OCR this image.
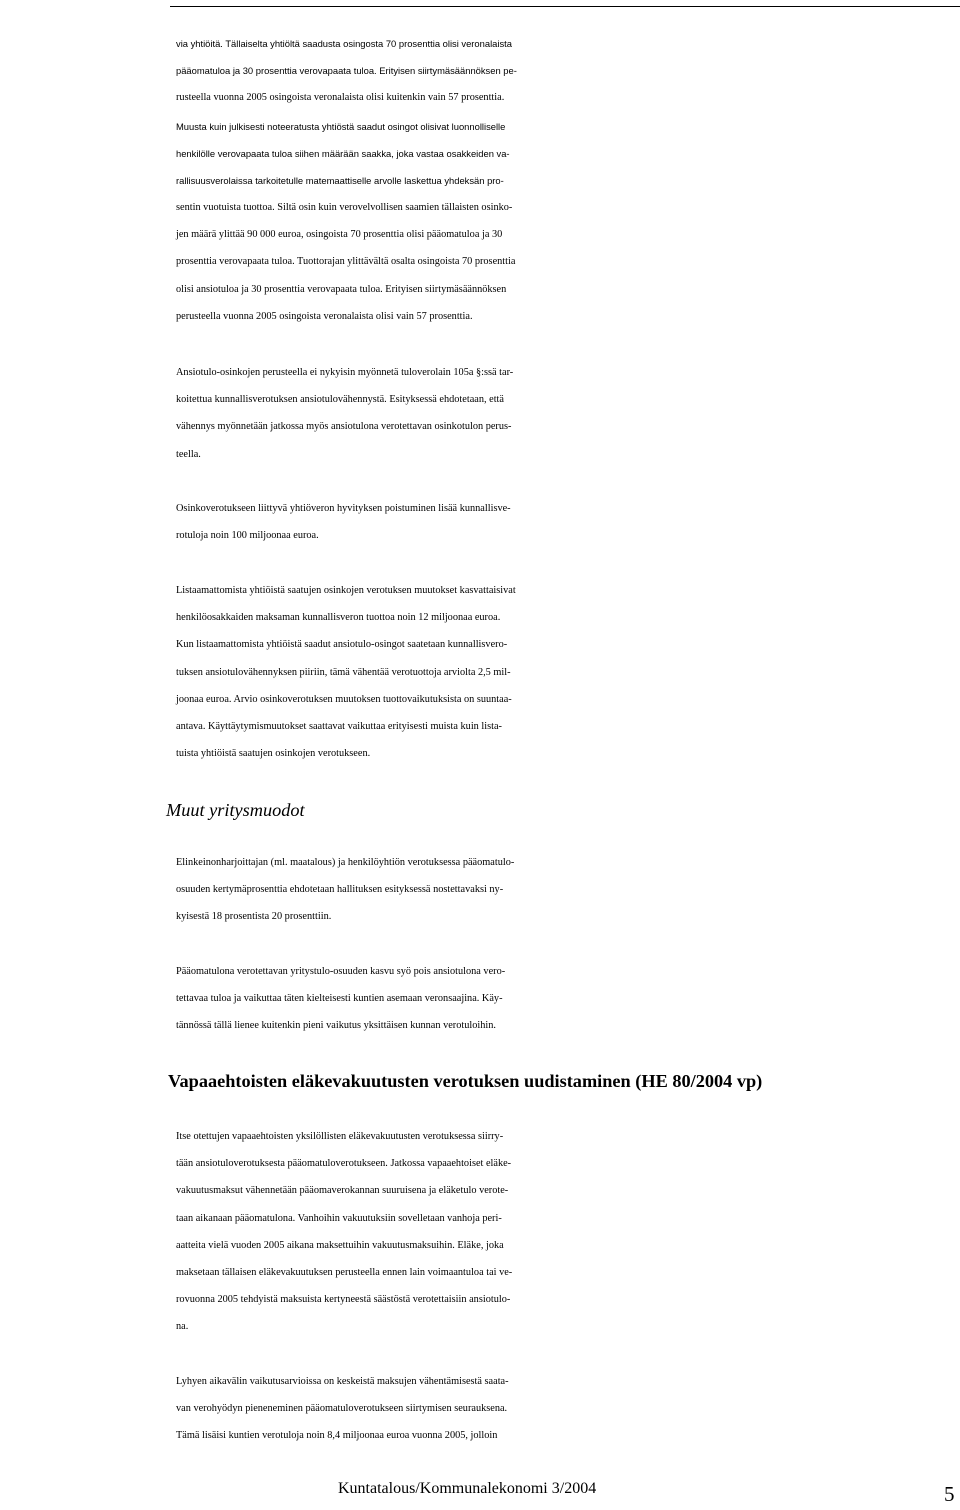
via yhtiöitä. Tällaiselta yhtiöltä saadusta osingosta 70 prosenttia olisi veronalaista
pääomatuloa ja 30 prosenttia verovapaata tuloa. Erityisen siirtymäsäännöksen pe-
rusteella vuonna 2005 osingoista veronalaista olisi kuitenkin vain 57 prosenttia.
Muusta kuin julkisesti noteeratusta yhtiöstä saadut osingot olisivat luonnolliselle
henkilölle verovapaata tuloa siihen määrään saakka, joka vastaa osakkeiden va-
rallisuusverolaissa tarkoitetulle matemaattiselle arvolle laskettua yhdeksän pro-
sentin vuotuista tuottoa. Siltä osin kuin verovelvollisen saamien tällaisten osinko-
jen määrä ylittää 90 000 euroa, osingoista 70 prosenttia olisi pääomatuloa ja 30
prosenttia verovapaata tuloa. Tuottorajan ylittävältä osalta osingoista 70 prosenttia
olisi ansiotuloa ja 30 prosenttia verovapaata tuloa. Erityisen siirtymäsäännöksen
perusteella vuonna 2005 osingoista veronalaista olisi vain 57 prosenttia.
Ansiotulo-osinkojen perusteella ei nykyisin myönnetä tuloverolain 105a §:ssä tar-
koitettua kunnallisverotuksen ansiotulovähennystä. Esityksessä ehdotetaan, että
vähennys myönnetään jatkossa myös ansiotulona verotettavan osinkotulon perus-
teella.
Osinkoverotukseen liittyvä yhtiöveron hyvityksen poistuminen lisää kunnallisve-
rotuloja noin 100 miljoonaa euroa.
Listaamattomista yhtiöistä saatujen osinkojen verotuksen muutokset kasvattaisivat
henkilöosakkaiden maksaman kunnallisveron tuottoa noin 12 miljoonaa euroa.
Kun listaamattomista yhtiöistä saadut ansiotulo-osingot saatetaan kunnallisvero-
tuksen ansiotulovähennyksen piiriin, tämä vähentää verotuottoja arviolta 2,5 mil-
joonaa euroa. Arvio osinkoverotuksen muutoksen tuottovaikutuksista on suuntaa-
antava. Käyttäytymismuutokset saattavat vaikuttaa erityisesti muista kuin listа-
tuista yhtiöistä saatujen osinkojen verotukseen.
Muut yritysmuodot
Elinkeinonharjoittajan (ml. maatalous) ja henkilöyhtiön verotuksessa pääomatulo-
osuuden kertymäprosenttia ehdotetaan hallituksen esityksessä nostettavaksi ny-
kyisestä 18 prosentista 20 prosenttiin.
Pääomatulona verotettavan yritystulo-osuuden kasvu syö pois ansiotulona vero-
tettavaa tuloa ja vaikuttaa täten kielteisesti kuntien asemaan veronsaajina. Käy-
tännössä tällä lienee kuitenkin pieni vaikutus yksittäisen kunnan verotuloihin.
Vapaaehtoisten eläkevakuutusten verotuksen uudistaminen (HE 80/2004 vp)
Itse otettujen vapaaehtoisten yksilöllisten eläkevakuutusten verotuksessa siirry-
tään ansiotuloverotuksesta pääomatuloverotukseen. Jatkossa vapaaehtoiset eläke-
vakuutusmaksut vähennetään pääomaverokannan suuruisena ja eläketulo verote-
taan aikanaan pääomatulona. Vanhoihin vakuutuksiin sovelletaan vanhoja peri-
aatteita vielä vuoden 2005 aikana maksettuihin vakuutusmaksuihin. Eläke, joka
maksetaan tällaisen eläkevakuutuksen perusteella ennen lain voimaantuloa tai ve-
rovuonna 2005 tehdyistä maksuista kertyneestä säästöstä verotettaisiin ansiotulo-
na.
Lyhyen aikavälin vaikutusarvioissa on keskeistä maksujen vähentämisestä saata-
van verohyödyn pieneneminen pääomatuloverotukseen siirtymisen seurauksena.
Tämä lisäisi kuntien verotuloja noin 8,4 miljoonaa euroa vuonna 2005, jolloin
Kuntatalous/Kommunalekonomi 3/2004	5
